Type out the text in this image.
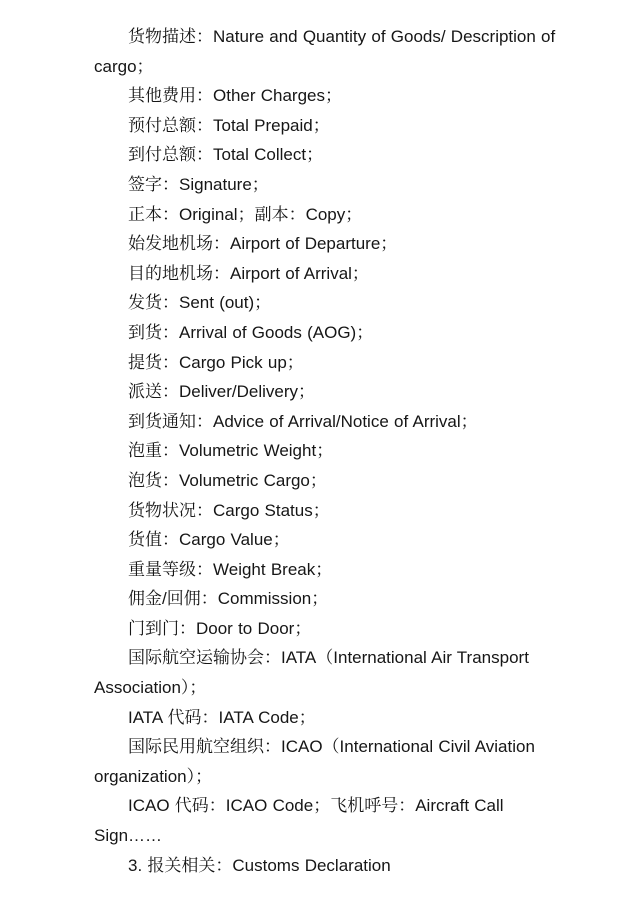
货物描述：Nature and Quantity of Goods/ Description of cargo；

其他费用：Other Charges；

预付总额：Total Prepaid；

到付总额：Total Collect；

签字：Signature；

正本：Original；副本：Copy；

始发地机场：Airport of Departure；

目的地机场：Airport of Arrival；

发货：Sent (out)；

到货：Arrival of Goods (AOG)；

提货：Cargo Pick up；

派送：Deliver/Delivery；

到货通知：Advice of Arrival/Notice of Arrival；

泡重：Volumetric Weight；

泡货：Volumetric Cargo；

货物状况：Cargo Status；

货值：Cargo Value；

重量等级：Weight Break；

佣金/回佣：Commission；

门到门：Door to Door；

国际航空运输协会：IATA（International Air Transport Association）；

IATA 代码：IATA Code；

国际民用航空组织：ICAO（International Civil Aviation organization）；

ICAO 代码：ICAO Code；飞机呼号：Aircraft Call Sign……

3. 报关相关：Customs Declaration
